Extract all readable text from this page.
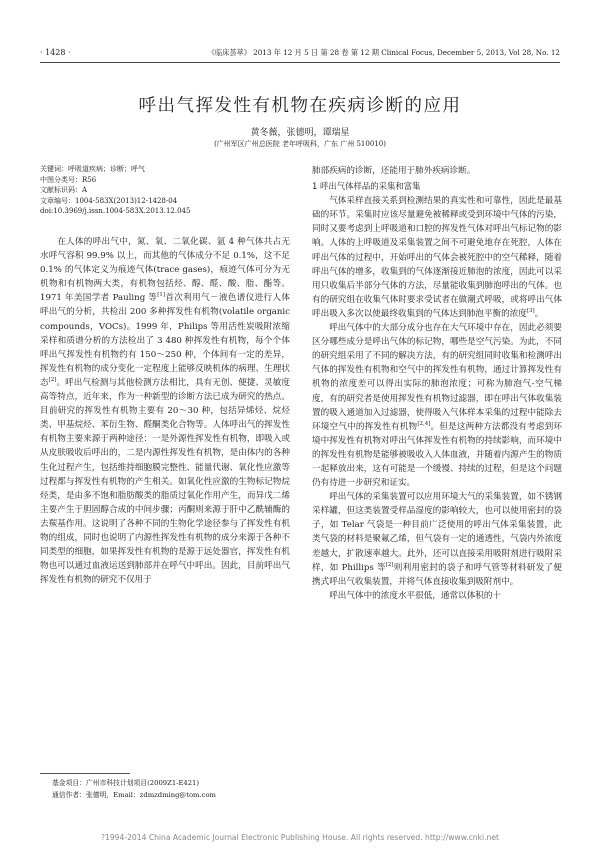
· 1428 ·	《临床荟萃》 2013 年 12 月 5 日 第 28 卷 第 12 期 Clinical Focus, December 5, 2013, Vol 28, No. 12
呼出气挥发性有机物在疾病诊断的应用
黄冬薇，张德明，谭瑞星
(广州军区广州总医院 老年呼吸科，广东 广州 510010)
关键词：呼吸道疾病；诊断；呼气
中图分类号：R56
文献标识码：A
文章编号：1004-583X(2013)12-1428-04
doi:10.3969/j.issn.1004-583X.2013.12.045

在人体的呼出气中，氮、氧、二氧化碳、氩 4 种气体共占无水呼气容积 99.9% 以上，而其他的气体成分不足 0.1%，这不足 0.1% 的气体定义为痕迹气体(trace gases)，痕迹气体可分为无机物和有机物两大类，有机物包括烃、醇、醛、酸、脂、酯等。1971 年美国学者 Pauling 等[1]首次利用气－液色谱仪进行人体呼出气的分析，共检出 200 多种挥发性有机物(volatile organic compounds，VOCs)。1999 年，Philips 等用活性炭吸附浓缩采样和质谱分析的方法检出了 3 480 种挥发性有机物，每个个体呼出气挥发性有机物约有 150～250 种，个体间有一定的差异，挥发性有机物的成分变化一定程度上能够反映机体的病理、生理状态[2]。呼出气检测与其他检测方法相比，具有无创、便捷、灵敏度高等特点，近年来，作为一种新型的诊断方法已成为研究的热点。目前研究的挥发性有机物主要有 20～30 种，包括异烯烃、烷烃类、甲基烷烃、苯衍生物、醛酮类化合物等。人体呼出气的挥发性有机物主要来源于两种途径：一是外源性挥发性有机物，即吸入或从皮肤吸收后呼出的，二是内源性挥发性有机物，是由体内的各种生化过程产生，包括维持细胞膜完整性、能量代谢、氧化性应激等过程都与挥发性有机物的产生相关。如氧化性应激的生物标记物烷烃类，是由多不饱和脂肪酸类的脂质过氧化作用产生，而异戊二烯主要产生于胆固醇合成的中间步骤；丙酮则来源于肝中乙酰辅酶的去羰基作用。这说明了各种不同的生物化学途径参与了挥发性有机物的组成，同时也说明了内源性挥发性有机物的成分来源于各种不同类型的细胞，如果挥发性有机物的是源于远处器官，挥发性有机物也可以通过血液运送到肺部并在呼气中呼出。因此，目前呼出气挥发性有机物的研究不仅用于

肺部疾病的诊断，还能用于肺外疾病诊断。

1 呼出气体样品的采集和富集

气体采样直接关系到检测结果的真实性和可靠性，因此是最基础的环节。采集时应该尽量避免被稀释或受到环境中气体的污染，同时又要考虑到上呼吸道和口腔的挥发性气体对呼出气标记物的影响。人体的上呼吸道及采集装置之间不可避免地存在死腔，人体在呼出气体的过程中，开始呼出的气体会被死腔中的空气稀释，随着呼出气体的增多，收集到的气体逐渐接近肺泡的浓度，因此可以采用只收集后半部分气体的方法，尽量能收集到肺泡呼出的气体。也有的研究组在收集气体时要求受试者在做潮式呼吸，或将呼出气体呼出吸入多次以使最终收集到的气体达到肺泡平衡的浓度[3]。

呼出气体中的大部分成分也存在大气环境中存在，因此必须要区分哪些成分是呼出气体的标记物，哪些是空气污染。为此，不同的研究组采用了不同的解决方法，有的研究组同时收集和检测呼出气体的挥发性有机物和空气中的挥发性有机物，通过计算挥发性有机物的浓度差可以得出实际的肺泡浓度；可称为肺泡气-空气梯度，有的研究者是使用挥发性有机物过滤器，即在呼出气体收集装置的吸入通道加入过滤器，使得吸入气体样本采集的过程中能除去环境空气中的挥发性有机物[2,4]。但是这两种方法都没有考虑到环境中挥发性有机物对呼出气体挥发性有机物的持续影响，而环境中的挥发性有机物是能够被吸收入人体血液，并随着内源产生的物质一起释放出来，这有可能是一个缓慢、持续的过程，但是这个问题仍有待进一步研究和证实。

呼出气体的采集装置可以应用环境大气的采集装置，如不锈钢采样罐，但这类装置受样品湿度的影响较大，也可以使用密封的袋子，如 Telar 气袋是一种目前广泛使用的呼出气体采集装置，此类气袋的材料是聚氟乙烯，但气袋有一定的通透性，气袋内外浓度差越大，扩散速率越大。此外，还可以直接采用吸附剂进行吸附采样，如 Phillips 等[2]则利用密封的袋子和呼气管等材料研发了便携式呼出气收集装置，并将气体直接收集到吸附剂中。

呼出气体中的浓度水平很低，通常以体积的十

基金项目：广州市科技计划项目(2009Z1-E421)
通信作者：张德明，Email：zdmzdming@tom.com
?1994-2014 China Academic Journal Electronic Publishing House. All rights reserved. http://www.cnki.net
